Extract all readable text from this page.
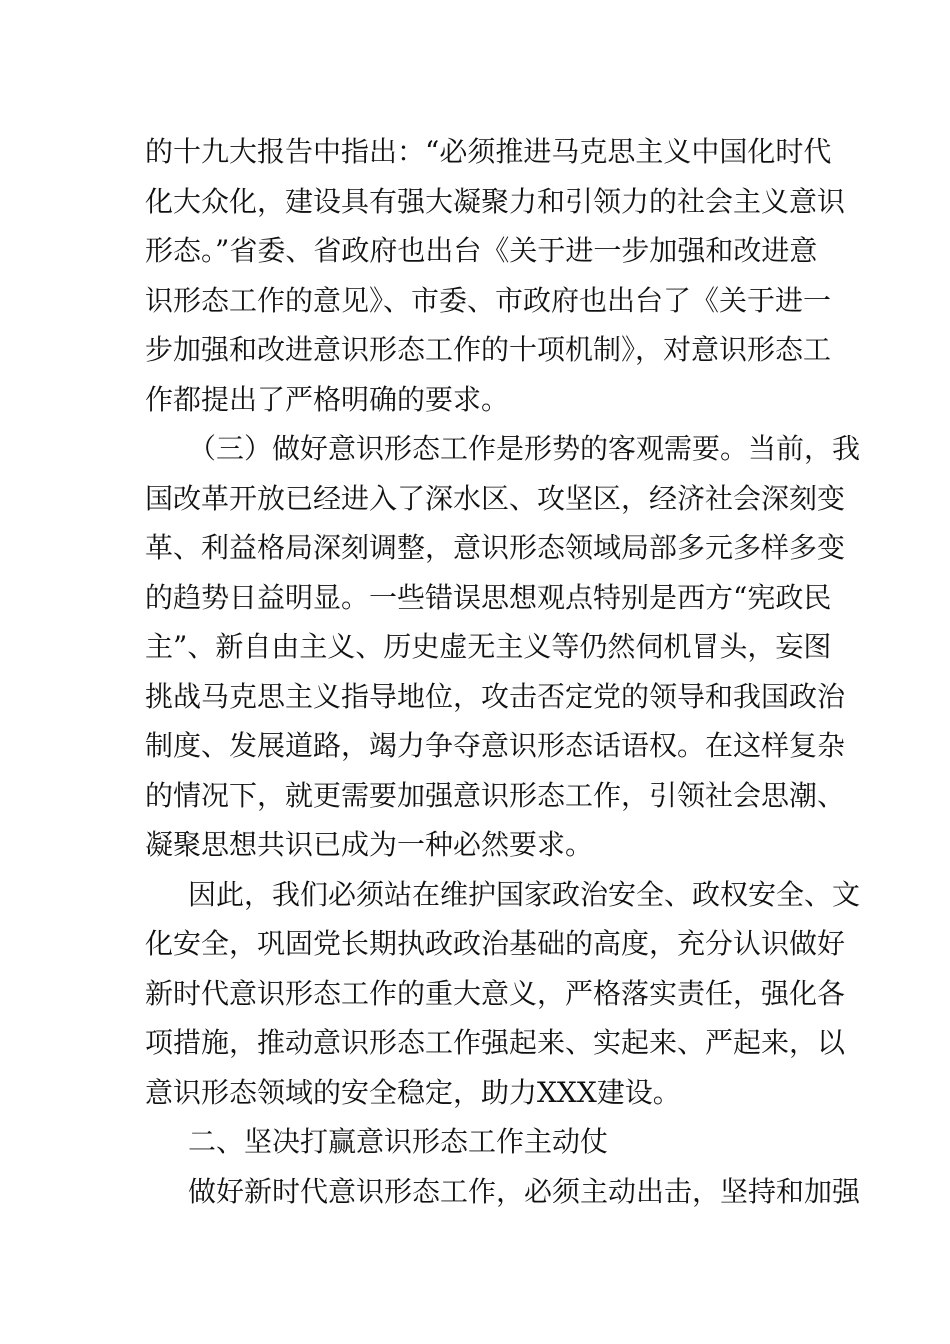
的十九大报告中指出：“必须推进马克思主义中国化时代
化大众化，建设具有强大凝聚力和引领力的社会主义意识
形态。”省委、省政府也出台《关于进一步加强和改进意
识形态工作的意见》、市委、市政府也出台了《关于进一
步加强和改进意识形态工作的十项机制》，对意识形态工
作都提出了严格明确的要求。
（三）做好意识形态工作是形势的客观需要。当前，我
国改革开放已经进入了深水区、攻坚区，经济社会深刻变
革、利益格局深刻调整，意识形态领域局部多元多样多变
的趋势日益明显。一些错误思想观点特别是西方“宪政民
主”、新自由主义、历史虚无主义等仍然伺机冒头，妄图
挑战马克思主义指导地位，攻击否定党的领导和我国政治
制度、发展道路，竭力争夺意识形态话语权。在这样复杂
的情况下，就更需要加强意识形态工作，引领社会思潮、
凝聚思想共识已成为一种必然要求。
因此，我们必须站在维护国家政治安全、政权安全、文
化安全，巩固党长期执政政治基础的高度，充分认识做好
新时代意识形态工作的重大意义，严格落实责任，强化各
项措施，推动意识形态工作强起来、实起来、严起来，以
意识形态领域的安全稳定，助力XXX建设。
二、坚决打赢意识形态工作主动仗
做好新时代意识形态工作，必须主动出击，坚持和加强
